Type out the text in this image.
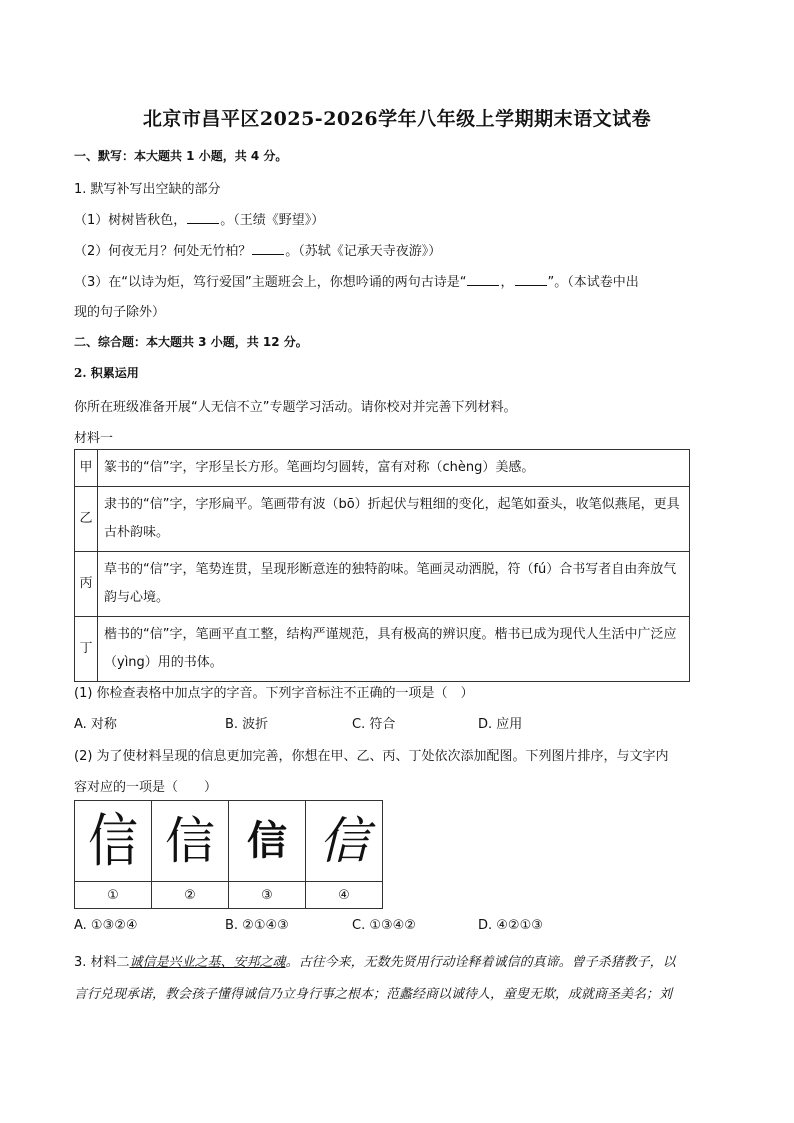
北京市昌平区2025-2026学年八年级上学期期末语文试卷
一、默写：本大题共 1 小题，共 4 分。
1. 默写补写出空缺的部分
（1）树树皆秋色，	。（王绩《野望》）
（2）何夜无月？何处无竹柏？	。（苏轼《记承天寺夜游》）
（3）在“以诗为炬，笃行爱国”主题班会上，你想吟诵的两句古诗是“	，	”。（本试卷中出
现的句子除外）
二、综合题：本大题共 3 小题，共 12 分。
2. 积累运用
你所在班级准备开展“人无信不立”专题学习活动。请你校对并完善下列材料。
材料一
甲	篆书的“信”字，字形呈长方形。笔画均匀圆转，富有对称（chèng）美感。
乙	隶书的“信”字，字形扁平。笔画带有波（bō）折起伏与粗细的变化，起笔如蚕头，收笔似燕尾，更具古朴韵味。
丙	草书的“信”字，笔势连贯，呈现形断意连的独特韵味。笔画灵动洒脱，符（fú）合书写者自由奔放气韵与心境。
丁	楷书的“信”字，笔画平直工整，结构严谨规范，具有极高的辨识度。楷书已成为现代人生活中广泛应（yìng）用的书体。
(1) 你检查表格中加点字的字音。下列字音标注不正确的一项是（　）
A. 对称	B. 波折	C. 符合	D. 应用
(2) 为了使材料呈现的信息更加完善，你想在甲、乙、丙、丁处依次添加配图。下列图片排序，与文字内
容对应的一项是（　　）
信	信	信	信
①	②	③	④
A. ①③②④	B. ②①④③	C. ①③④②	D. ④②①③
3. 材料二诚信是兴业之基、安邦之魂。古往今来，无数先贤用行动诠释着诚信的真谛。曾子杀猪教子，以
言行兑现承诺，教会孩子懂得诚信乃立身行事之根本；范蠡经商以诚待人，童叟无欺，成就商圣美名；刘
